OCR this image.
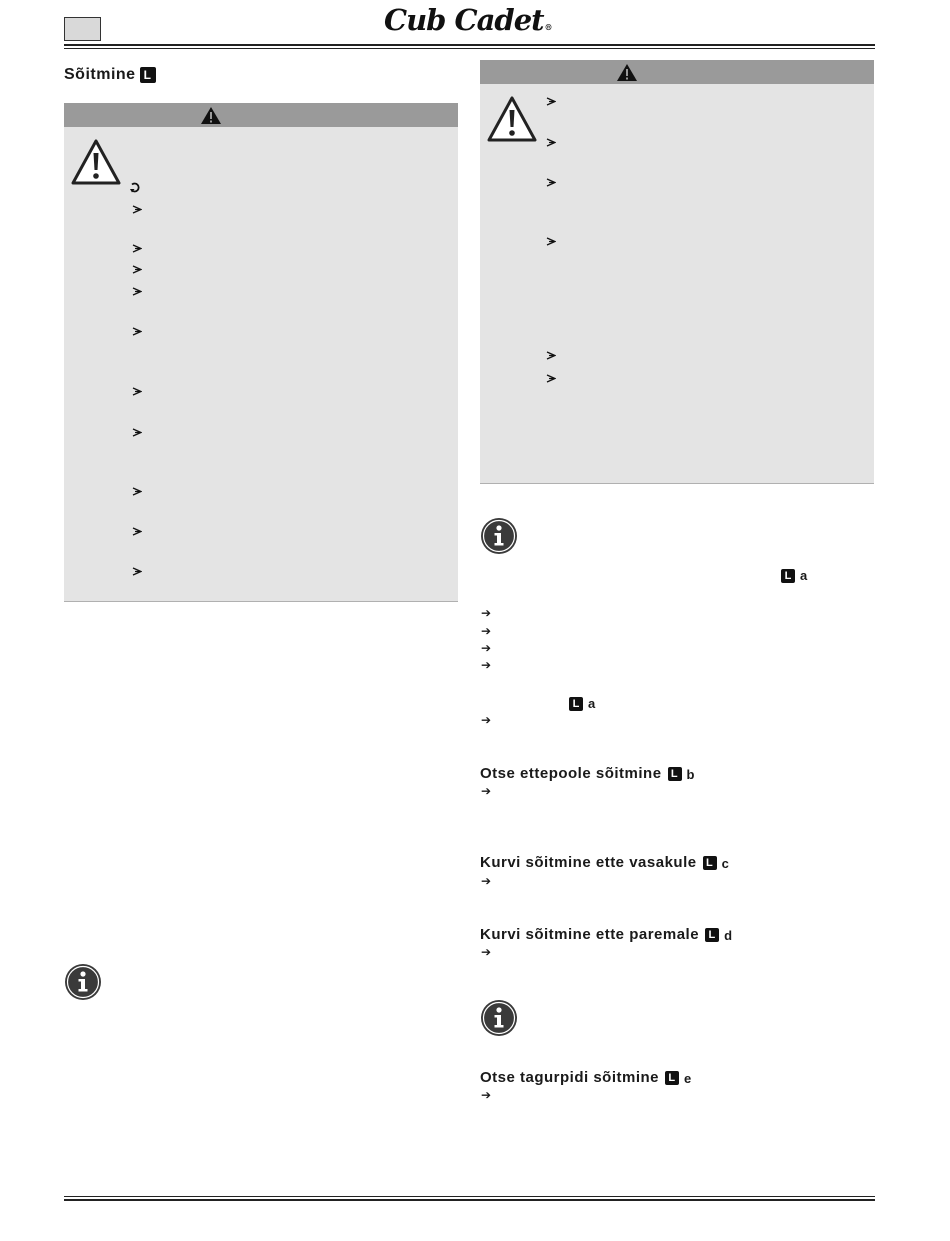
Cub Cadet®
Sõitmine L
L a
➔
➔
➔
➔
L a
➔
Otse ettepoole sõitmine L b
➔
Kurvi sõitmine ette vasakule L c
➔
Kurvi sõitmine ette paremale L d
➔
Otse tagurpidi sõitmine L e
➔
